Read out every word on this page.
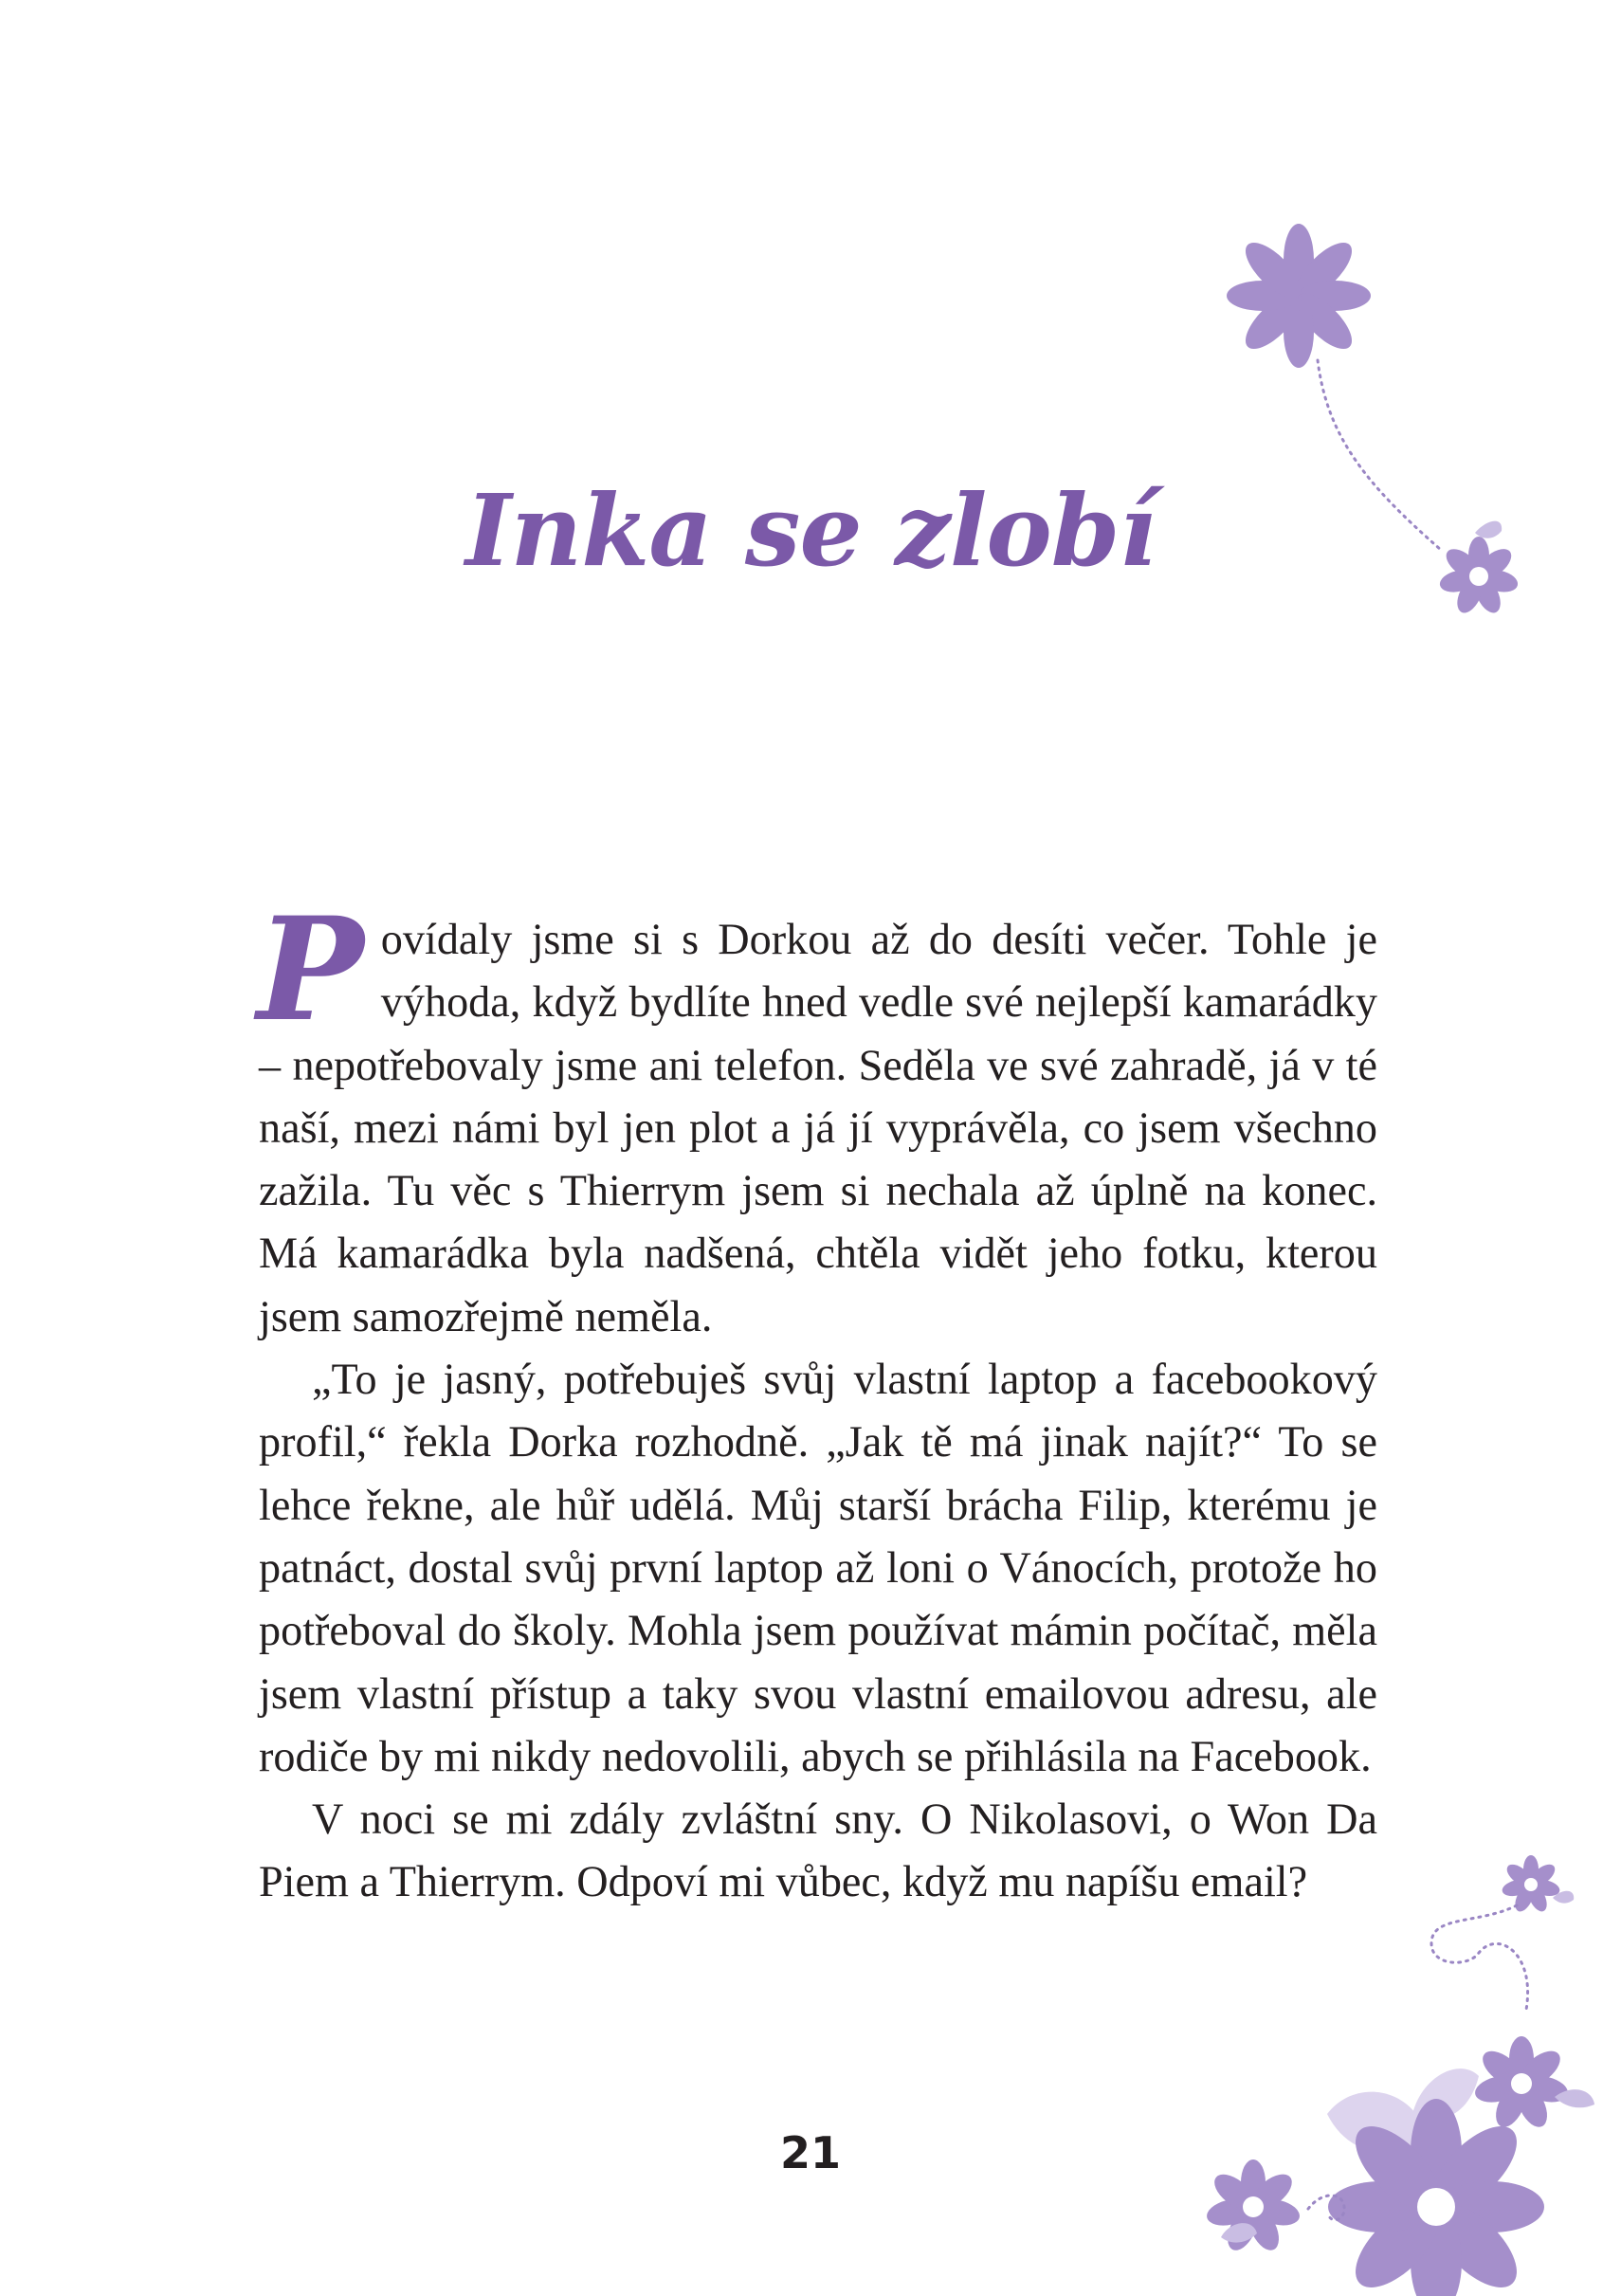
Inka se zlobí

Povídaly jsme si s Dorkou až do desíti večer. Tohle je výhoda, když bydlíte hned vedle své nejlepší kamarádky – nepotřebovaly jsme ani telefon. Seděla ve své zahradě, já v té naší, mezi námi byl jen plot a já jí vyprávěla, co jsem všechno zažila. Tu věc s Thierrym jsem si nechala až úplně na konec. Má kamarádka byla nadšená, chtěla vidět jeho fotku, kterou jsem samozřejmě neměla.

„To je jasný, potřebuješ svůj vlastní laptop a facebookový profil,“ řekla Dorka rozhodně. „Jak tě má jinak najít?“ To se lehce řekne, ale hůř udělá. Můj starší brácha Filip, kterému je patnáct, dostal svůj první laptop až loni o Vánocích, protože ho potřeboval do školy. Mohla jsem používat mámin počítač, měla jsem vlastní přístup a taky svou vlastní emailovou adresu, ale rodiče by mi nikdy nedovolili, abych se přihlásila na Facebook.

V noci se mi zdály zvláštní sny. O Nikolasovi, o Won Da Piem a Thierrym. Odpoví mi vůbec, když mu napíšu email?

21
